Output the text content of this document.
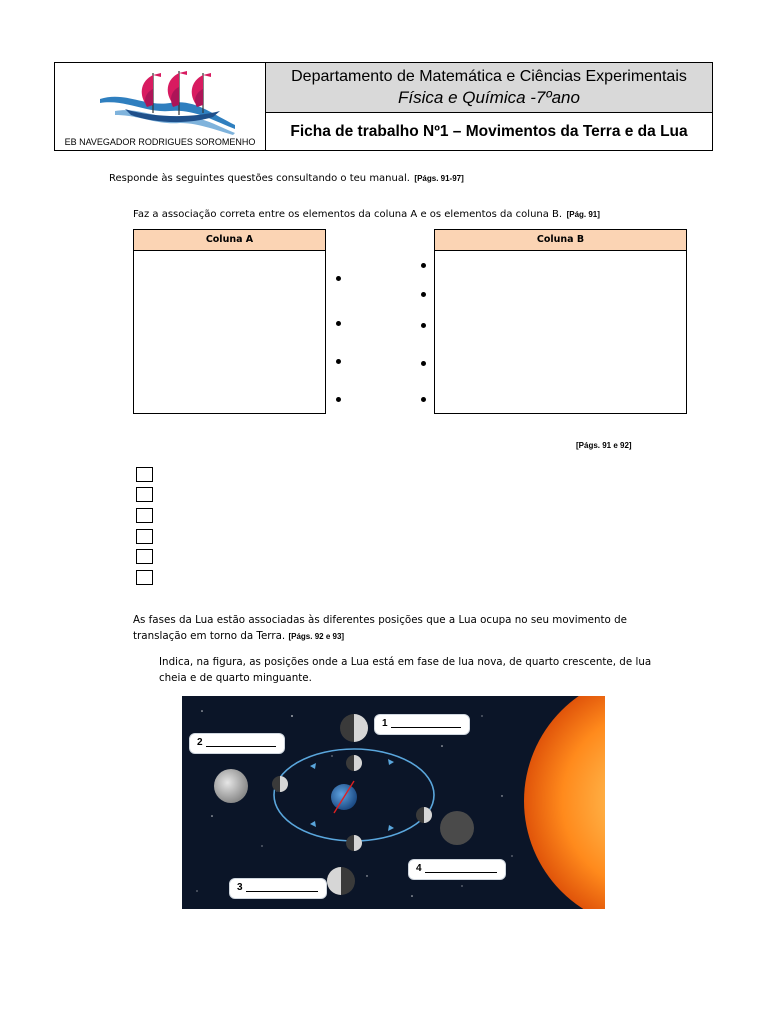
EB NAVEGADOR RODRIGUES SOROMENHO
Departamento de Matemática e Ciências Experimentais
Física e Química -7ºano
Ficha de trabalho Nº1 – Movimentos da Terra e da Lua
Responde às seguintes questões consultando o teu manual. [Págs. 91-97]
Faz a associação correta entre os elementos da coluna A e os elementos da coluna B. [Pág. 91]
Coluna A	Coluna B
[Págs. 91 e 92]
As fases da Lua estão associadas às diferentes posições que a Lua ocupa no seu movimento de
translação em torno da Terra. [Págs. 92 e 93]
Indica, na figura, as posições onde a Lua está em fase de lua nova, de quarto crescente, de lua
cheia e de quarto minguante.
1
2
3
4
